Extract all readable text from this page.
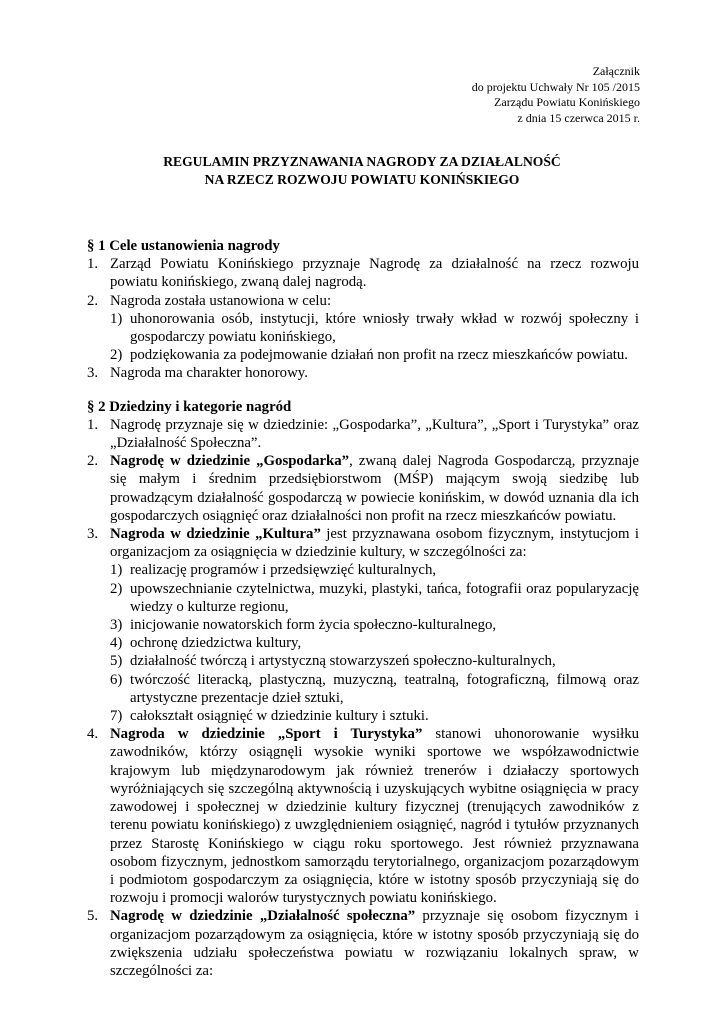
Załącznik
do projektu Uchwały Nr 105 /2015
Zarządu Powiatu Konińskiego
z dnia 15 czerwca 2015 r.
REGULAMIN PRZYZNAWANIA NAGRODY ZA DZIAŁALNOŚĆ
NA RZECZ ROZWOJU POWIATU KONIŃSKIEGO
§ 1 Cele ustanowienia nagrody
1. Zarząd Powiatu Konińskiego przyznaje Nagrodę za działalność na rzecz rozwoju powiatu konińskiego, zwaną dalej nagrodą.
2. Nagroda została ustanowiona w celu:
1) uhonorowania osób, instytucji, które wniosły trwały wkład w rozwój społeczny i gospodarczy powiatu konińskiego,
2) podziękowania za podejmowanie działań non profit na rzecz mieszkańców powiatu.
3. Nagroda ma charakter honorowy.
§ 2 Dziedziny i kategorie nagród
1. Nagrodę przyznaje się w dziedzinie: „Gospodarka”, „Kultura”, „Sport i Turystyka” oraz „Działalność Społeczna”.
2. Nagrodę w dziedzinie „Gospodarka”, zwaną dalej Nagroda Gospodarczą, przyznaje się małym i średnim przedsiębiorstwom (MŚP) mającym swoją siedzibę lub prowadzącym działalność gospodarczą w powiecie konińskim, w dowód uznania dla ich gospodarczych osiągnięć oraz działalności non profit na rzecz mieszkańców powiatu.
3. Nagroda w dziedzinie „Kultura” jest przyznawana osobom fizycznym, instytucjom i organizacjom za osiągnięcia w dziedzinie kultury, w szczególności za:
1) realizację programów i przedsięwzięć kulturalnych,
2) upowszechnianie czytelnictwa, muzyki, plastyki, tańca, fotografii oraz popularyzację wiedzy o kulturze regionu,
3) inicjowanie nowatorskich form życia społeczno-kulturalnego,
4) ochronę dziedzictwa kultury,
5) działalność twórczą i artystyczną stowarzyszeń społeczno-kulturalnych,
6) twórczość literacką, plastyczną, muzyczną, teatralną, fotograficzną, filmową oraz artystyczne prezentacje dzieł sztuki,
7) całokształt osiągnięć w dziedzinie kultury i sztuki.
4. Nagroda w dziedzinie „Sport i Turystyka” stanowi uhonorowanie wysiłku zawodników, którzy osiągnęli wysokie wyniki sportowe we współzawodnictwie krajowym lub międzynarodowym jak również trenerów i działaczy sportowych wyróżniających się szczególną aktywnością i uzyskujących wybitne osiągnięcia w pracy zawodowej i społecznej w dziedzinie kultury fizycznej (trenujących zawodników z terenu powiatu konińskiego) z uwzględnieniem osiągnięć, nagród i tytułów przyznanych przez Starostę Konińskiego w ciągu roku sportowego. Jest również przyznawana osobom fizycznym, jednostkom samorządu terytorialnego, organizacjom pozarządowym i podmiotom gospodarczym za osiągnięcia, które w istotny sposób przyczyniają się do rozwoju i promocji walorów turystycznych powiatu konińskiego.
5. Nagrodę w dziedzinie „Działalność społeczna” przyznaje się osobom fizycznym i organizacjom pozarządowym za osiągnięcia, które w istotny sposób przyczyniają się do zwiększenia udziału społeczeństwa powiatu w rozwiązaniu lokalnych spraw, w szczególności za:
